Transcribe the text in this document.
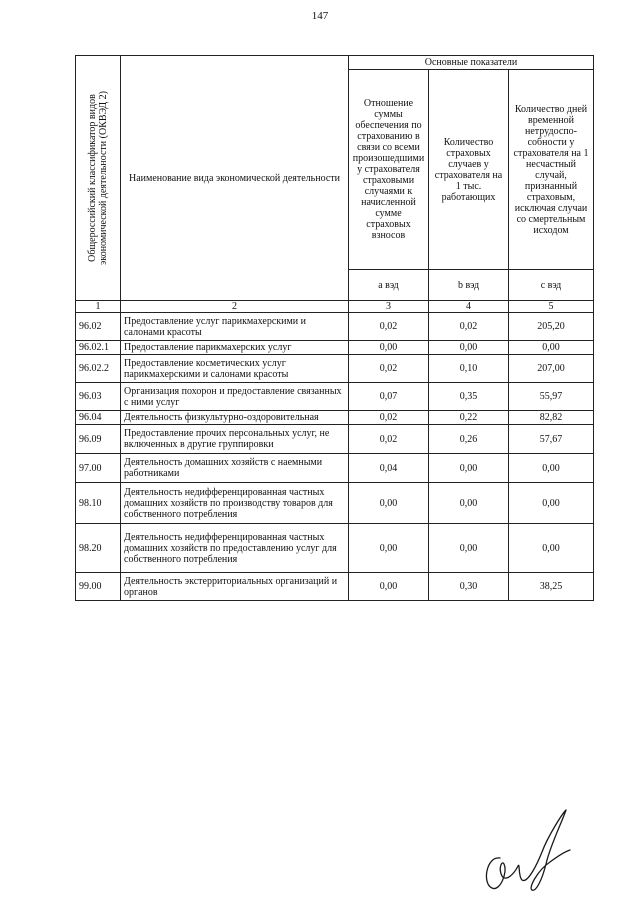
147
Общероссийский классификатор видов экономической деятельности (ОКВЭД 2)	Наименование вида экономической деятельности	Основные показатели		
		Отношение суммы обеспечения по страхованию в связи со всеми произошедшими у страхователя страховыми случаями к начисленной сумме страховых взносов	Количество страховых случаев у страхователя на 1 тыс. работающих	Количество дней временной нетрудоспо-собности у страхователя на 1 несчастный случай, признанный страховым, исключая случаи со смертельным исходом
		a вэд	b вэд	c вэд
1	2	3	4	5
96.02	Предоставление услуг парикмахерскими и салонами красоты	0,02	0,02	205,20
96.02.1	Предоставление парикмахерских услуг	0,00	0,00	0,00
96.02.2	Предоставление косметических услуг парикмахерскими и салонами красоты	0,02	0,10	207,00
96.03	Организация похорон и предоставление связанных с ними услуг	0,07	0,35	55,97
96.04	Деятельность физкультурно-оздоровительная	0,02	0,22	82,82
96.09	Предоставление прочих персональных услуг, не включенных в другие группировки	0,02	0,26	57,67
97.00	Деятельность домашних хозяйств с наемными работниками	0,04	0,00	0,00
98.10	Деятельность недифференцированная частных домашних хозяйств по производству товаров для собственного потребления	0,00	0,00	0,00
98.20	Деятельность недифференцированная частных домашних хозяйств по предоставлению услуг для собственного потребления	0,00	0,00	0,00
99.00	Деятельность экстерриториальных организаций и органов	0,00	0,30	38,25
